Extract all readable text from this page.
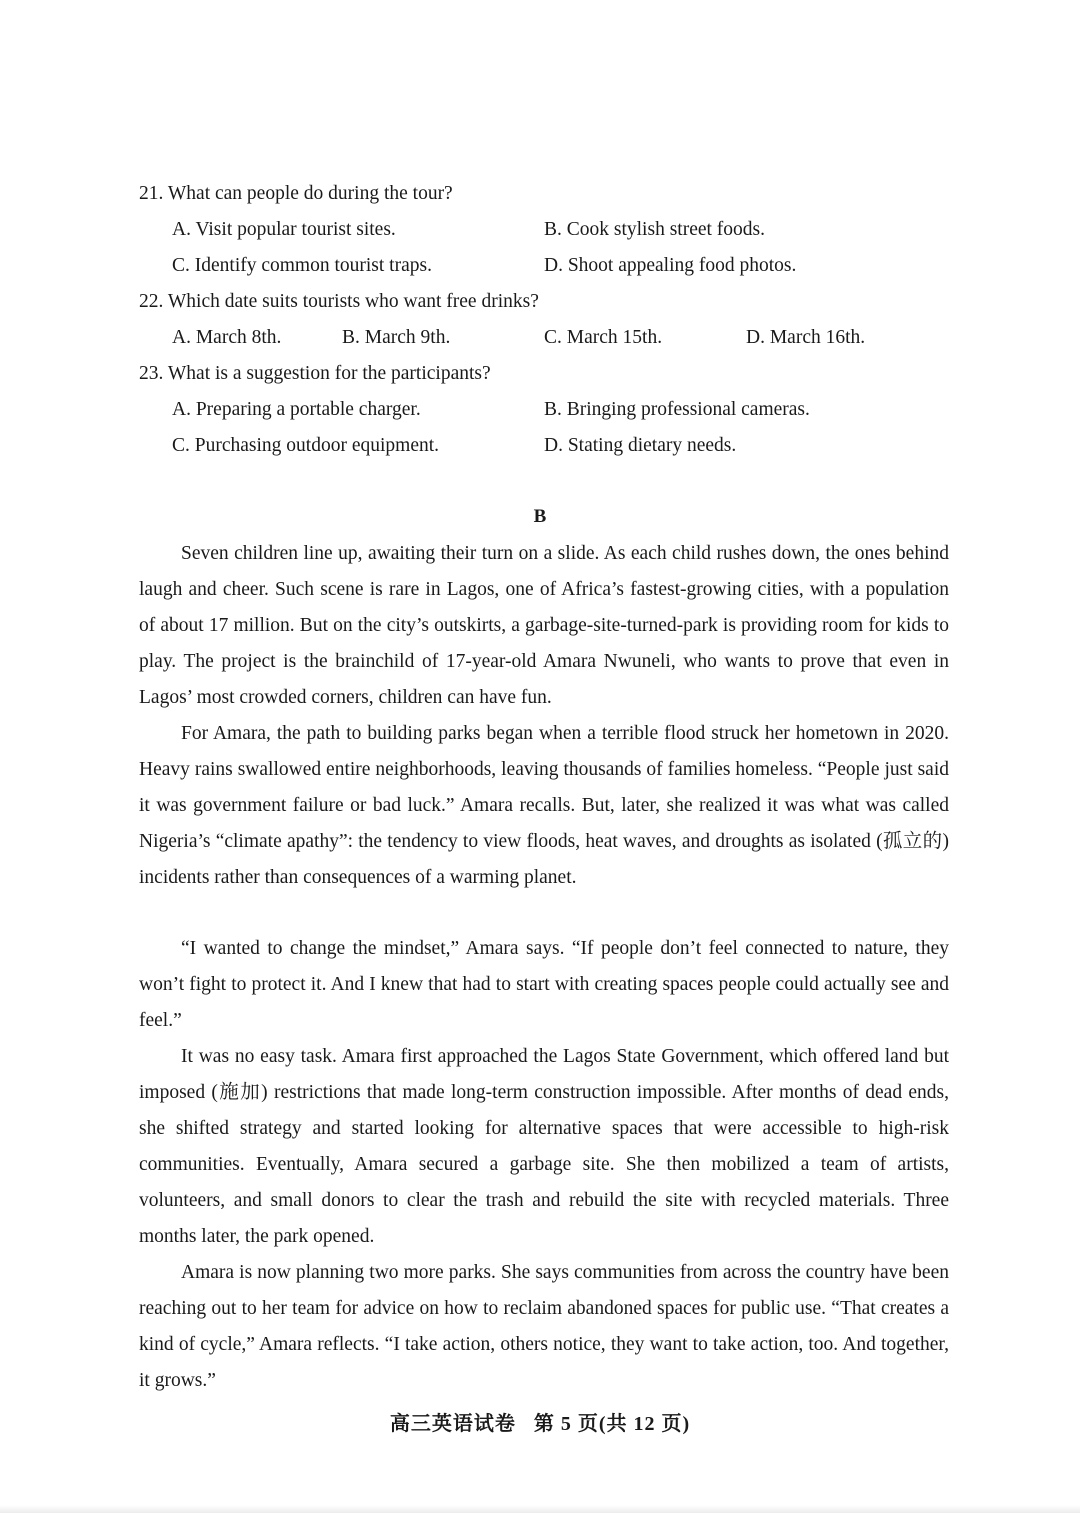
21. What can people do during the tour?
A. Visit popular tourist sites.	B. Cook stylish street foods.
C. Identify common tourist traps.	D. Shoot appealing food photos.
22. Which date suits tourists who want free drinks?
A. March 8th.	B. March 9th.	C. March 15th.	D. March 16th.
23. What is a suggestion for the participants?
A. Preparing a portable charger.	B. Bringing professional cameras.
C. Purchasing outdoor equipment.	D. Stating dietary needs.
B

Seven children line up, awaiting their turn on a slide. As each child rushes down, the ones behind laugh and cheer. Such scene is rare in Lagos, one of Africa’s fastest-growing cities, with a population of about 17 million. But on the city’s outskirts, a garbage-site-turned-park is providing room for kids to play. The project is the brainchild of 17-year-old Amara Nwuneli, who wants to prove that even in Lagos’ most crowded corners, children can have fun.

For Amara, the path to building parks began when a terrible flood struck her hometown in 2020. Heavy rains swallowed entire neighborhoods, leaving thousands of families homeless. “People just said it was government failure or bad luck.” Amara recalls. But, later, she realized it was what was called Nigeria’s “climate apathy”: the tendency to view floods, heat waves, and droughts as isolated (孤立的) incidents rather than consequences of a warming planet.

“I wanted to change the mindset,” Amara says. “If people don’t feel connected to nature, they won’t fight to protect it. And I knew that had to start with creating spaces people could actually see and feel.”

It was no easy task. Amara first approached the Lagos State Government, which offered land but imposed (施加) restrictions that made long-term construction impossible. After months of dead ends, she shifted strategy and started looking for alternative spaces that were accessible to high-risk communities. Eventually, Amara secured a garbage site. She then mobilized a team of artists, volunteers, and small donors to clear the trash and rebuild the site with recycled materials. Three months later, the park opened.

Amara is now planning two more parks. She says communities from across the country have been reaching out to her team for advice on how to reclaim abandoned spaces for public use. “That creates a kind of cycle,” Amara reflects. “I take action, others notice, they want to take action, too. And together, it grows.”

高三英语试卷 第 5 页(共 12 页)
